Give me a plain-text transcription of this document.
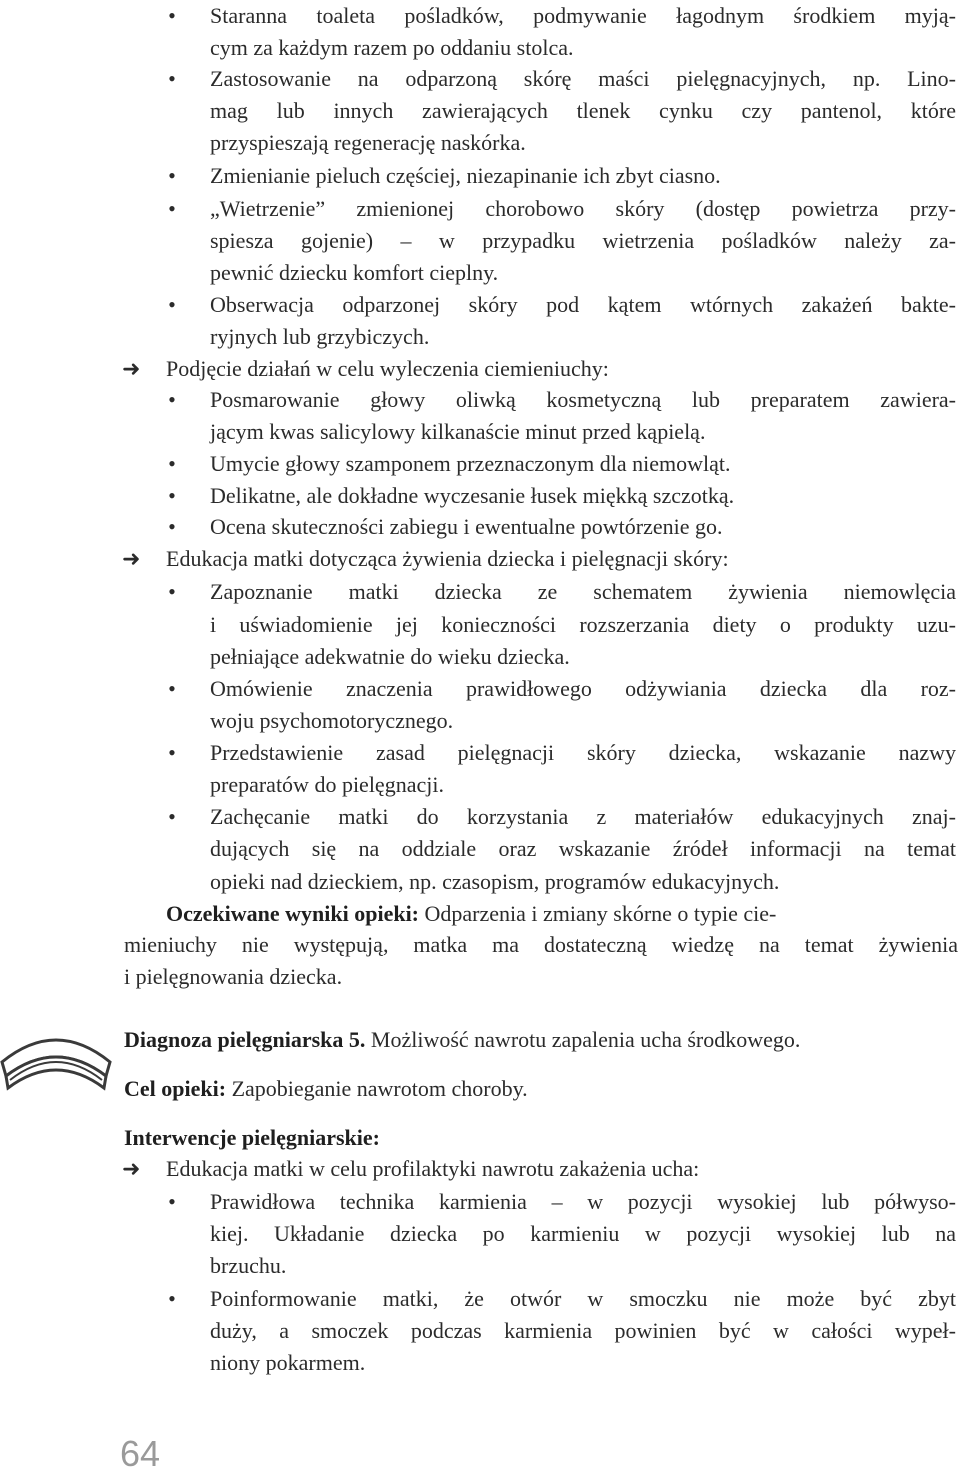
• Staranna toaleta pośladków, podmywanie łagodnym środkiem myją-
cym za każdym razem po oddaniu stolca.
• Zastosowanie na odparzoną skórę maści pielęgnacyjnych, np. Lino-
mag lub innych zawierających tlenek cynku czy pantenol, które
przyspieszają regenerację naskórka.
• Zmienianie pieluch częściej, niezapinanie ich zbyt ciasno.
• „Wietrzenie” zmienionej chorobowo skóry (dostęp powietrza przy-
spiesza gojenie) – w przypadku wietrzenia pośladków należy za-
pewnić dziecku komfort cieplny.
• Obserwacja odparzonej skóry pod kątem wtórnych zakażeń bakte-
ryjnych lub grzybiczych.
➜ Podjęcie działań w celu wyleczenia ciemieniuchy:
• Posmarowanie głowy oliwką kosmetyczną lub preparatem zawiera-
jącym kwas salicylowy kilkanaście minut przed kąpielą.
• Umycie głowy szamponem przeznaczonym dla niemowląt.
• Delikatne, ale dokładne wyczesanie łusek miękką szczotką.
• Ocena skuteczności zabiegu i ewentualne powtórzenie go.
➜ Edukacja matki dotycząca żywienia dziecka i pielęgnacji skóry:
• Zapoznanie matki dziecka ze schematem żywienia niemowlęcia
i uświadomienie jej konieczności rozszerzania diety o produkty uzu-
pełniające adekwatnie do wieku dziecka.
• Omówienie znaczenia prawidłowego odżywiania dziecka dla roz-
woju psychomotorycznego.
• Przedstawienie zasad pielęgnacji skóry dziecka, wskazanie nazwy
preparatów do pielęgnacji.
• Zachęcanie matki do korzystania z materiałów edukacyjnych znaj-
dujących się na oddziale oraz wskazanie źródeł informacji na temat
opieki nad dzieckiem, np. czasopism, programów edukacyjnych.
Oczekiwane wyniki opieki: Odparzenia i zmiany skórne o typie cie-
mieniuchy nie występują, matka ma dostateczną wiedzę na temat żywienia
i pielęgnowania dziecka.
Diagnoza pielęgniarska 5. Możliwość nawrotu zapalenia ucha środkowego.
Cel opieki: Zapobieganie nawrotom choroby.
Interwencje pielęgniarskie:
➜ Edukacja matki w celu profilaktyki nawrotu zakażenia ucha:
• Prawidłowa technika karmienia – w pozycji wysokiej lub półwyso-
kiej. Układanie dziecka po karmieniu w pozycji wysokiej lub na
brzuchu.
• Poinformowanie matki, że otwór w smoczku nie może być zbyt
duży, a smoczek podczas karmienia powinien być w całości wypeł-
niony pokarmem.
64
